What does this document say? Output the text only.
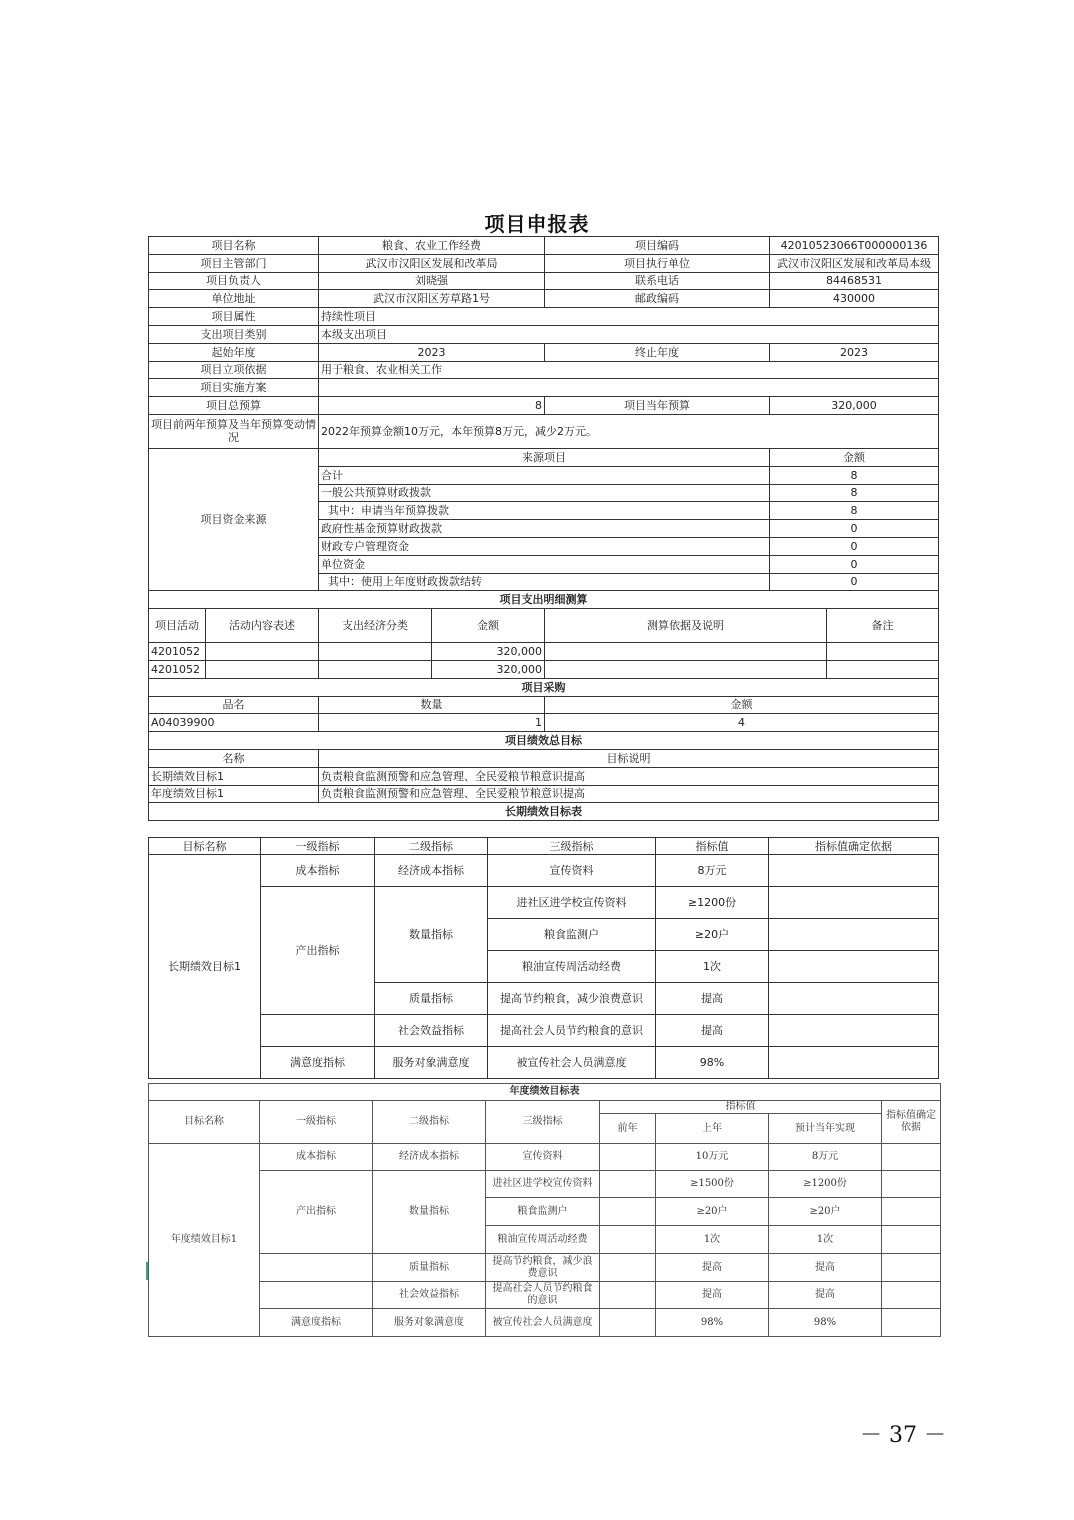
项目申报表
项目名称		粮食、农业工作经费		项目编码	42010523066T000000136	
项目主管部门		武汉市汉阳区发展和改革局		项目执行单位	武汉市汉阳区发展和改革局本级	
项目负责人		刘晓强		联系电话	84468531	
单位地址		武汉市汉阳区芳草路1号		邮政编码	430000	
项目属性		持续性项目				
支出项目类别		本级支出项目				
起始年度		2023		终止年度	2023	
项目立项依据		用于粮食、农业相关工作				
项目实施方案						
项目总预算		8		项目当年预算	320,000	
项目前两年预算及当年预算变动情况		2022年预算金额10万元，本年预算8万元，减少2万元。				
项目资金来源		来源项目			金额	
		合计			8	
		一般公共预算财政拨款			8	
		其中：申请当年预算拨款			8	
		政府性基金预算财政拨款			0	
		财政专户管理资金			0	
		单位资金			0	
		其中：使用上年度财政拨款结转			0	
项目支出明细测算						
项目活动	活动内容表述	支出经济分类	金额	测算依据及说明		备注
4201052			320,000			
4201052			320,000			
项目采购						
品名		数量		金额		
A04039900		1		4		
项目绩效总目标						
名称		目标说明				
长期绩效目标1		负责粮食监测预警和应急管理、全民爱粮节粮意识提高				
年度绩效目标1		负责粮食监测预警和应急管理、全民爱粮节粮意识提高				
长期绩效目标表						
目标名称	一级指标	二级指标	三级指标	指标值	指标值确定依据
长期绩效目标1	成本指标	经济成本指标	宣传资料	8万元	
	产出指标	数量指标	进社区进学校宣传资料	≥1200份	
			粮食监测户	≥20户	
			粮油宣传周活动经费	1次	
		质量指标	提高节约粮食，减少浪费意识	提高	
		社会效益指标	提高社会人员节约粮食的意识	提高	
	满意度指标	服务对象满意度	被宣传社会人员满意度	98%	
年度绩效目标表							
目标名称	一级指标	二级指标	三级指标	指标值			指标值确定依据
				前年	上年	预计当年实现	
年度绩效目标1	成本指标	经济成本指标	宣传资料		10万元	8万元	
	产出指标	数量指标	进社区进学校宣传资料		≥1500份	≥1200份	
			粮食监测户		≥20户	≥20户	
			粮油宣传周活动经费		1次	1次	
		质量指标	提高节约粮食，减少浪费意识		提高	提高	
		社会效益指标	提高社会人员节约粮食的意识		提高	提高	
	满意度指标	服务对象满意度	被宣传社会人员满意度		98%	98%	
－ 37 －
